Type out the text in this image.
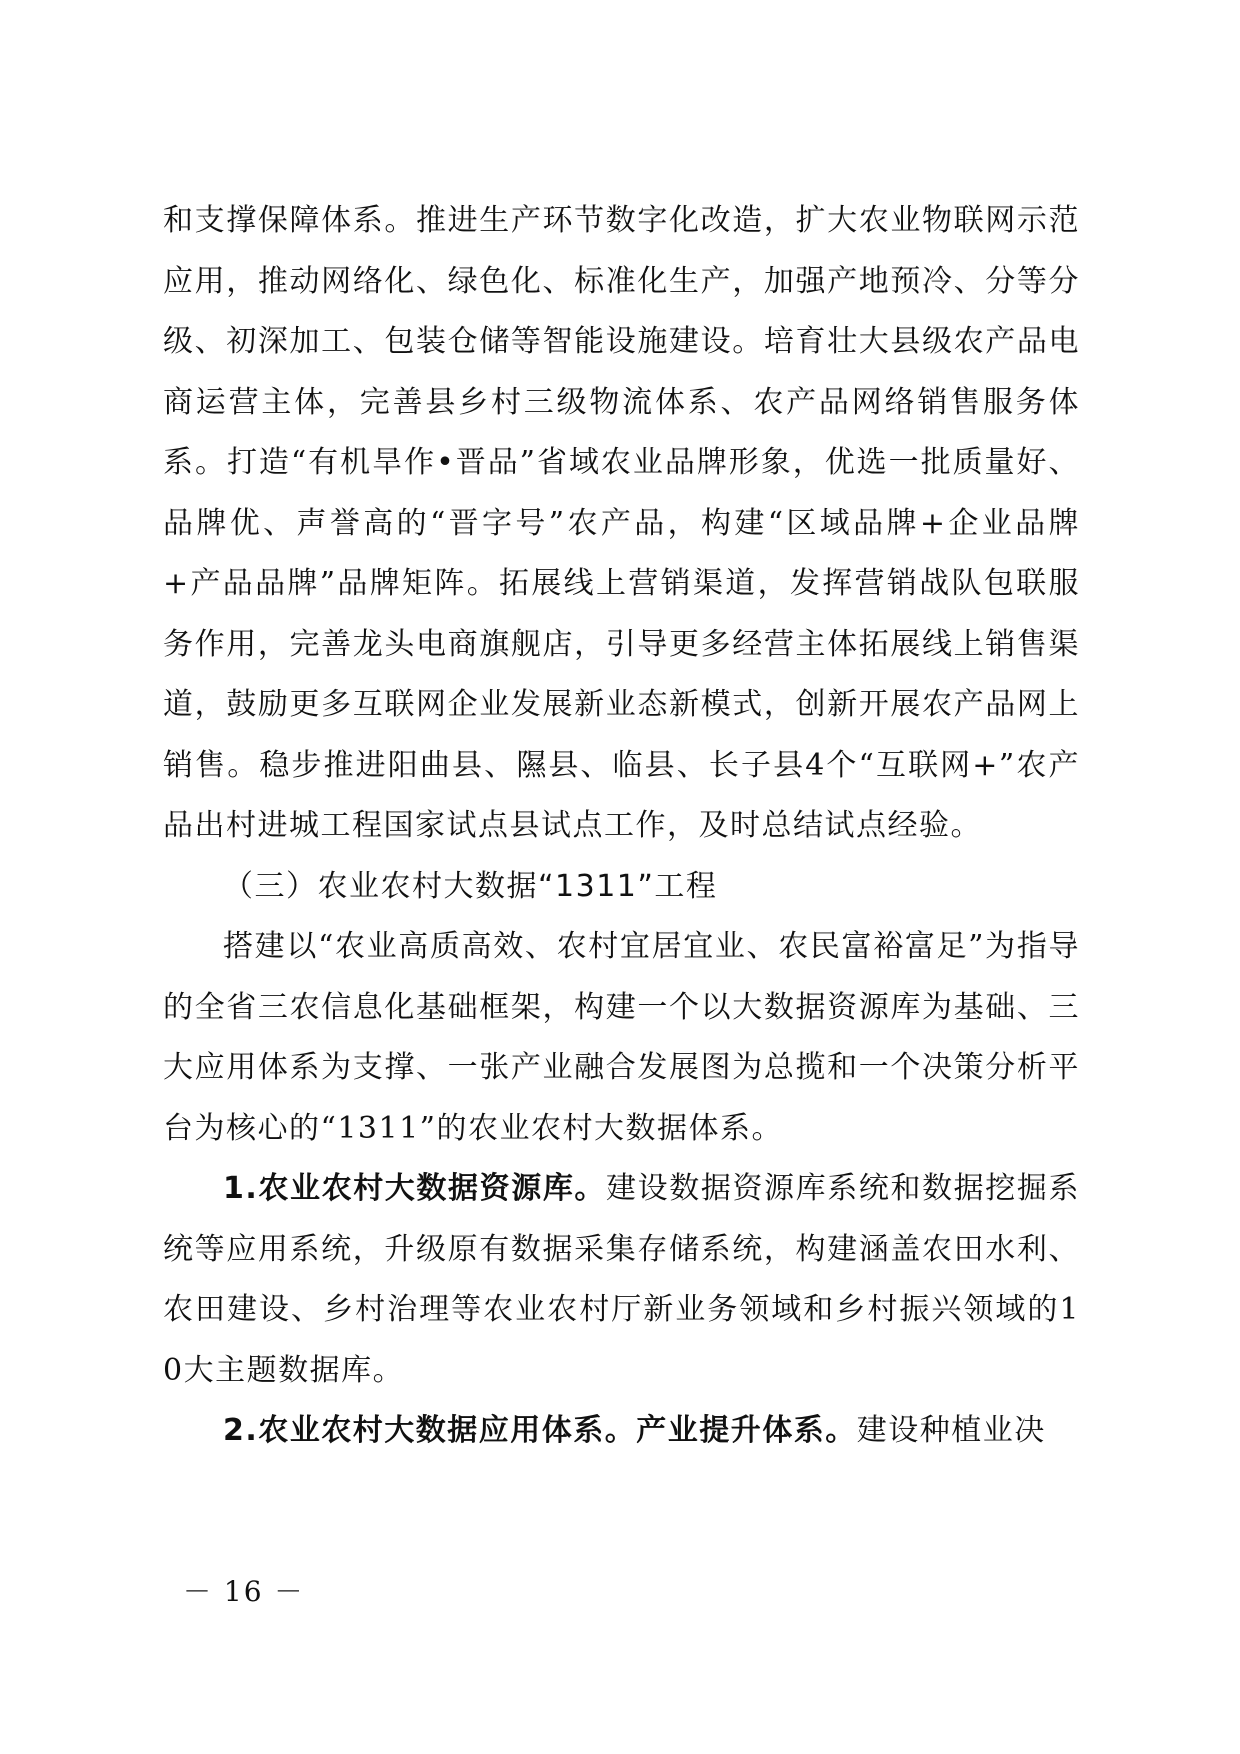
和支撑保障体系。推进生产环节数字化改造，扩大农业物联网示范应用，推动网络化、绿色化、标准化生产，加强产地预冷、分等分级、初深加工、包装仓储等智能设施建设。培育壮大县级农产品电商运营主体，完善县乡村三级物流体系、农产品网络销售服务体系。打造“有机旱作•晋品”省域农业品牌形象，优选一批质量好、品牌优、声誉高的“晋字号”农产品，构建“区域品牌+企业品牌+产品品牌”品牌矩阵。拓展线上营销渠道，发挥营销战队包联服务作用，完善龙头电商旗舰店，引导更多经营主体拓展线上销售渠道，鼓励更多互联网企业发展新业态新模式，创新开展农产品网上销售。稳步推进阳曲县、隰县、临县、长子县4个“互联网+”农产品出村进城工程国家试点县试点工作，及时总结试点经验。

（三）农业农村大数据“1311”工程

搭建以“农业高质高效、农村宜居宜业、农民富裕富足”为指导的全省三农信息化基础框架，构建一个以大数据资源库为基础、三大应用体系为支撑、一张产业融合发展图为总揽和一个决策分析平台为核心的“1311”的农业农村大数据体系。

1.农业农村大数据资源库。建设数据资源库系统和数据挖掘系统等应用系统，升级原有数据采集存储系统，构建涵盖农田水利、农田建设、乡村治理等农业农村厅新业务领域和乡村振兴领域的10大主题数据库。

2.农业农村大数据应用体系。产业提升体系。建设种植业决

－ 16 －
